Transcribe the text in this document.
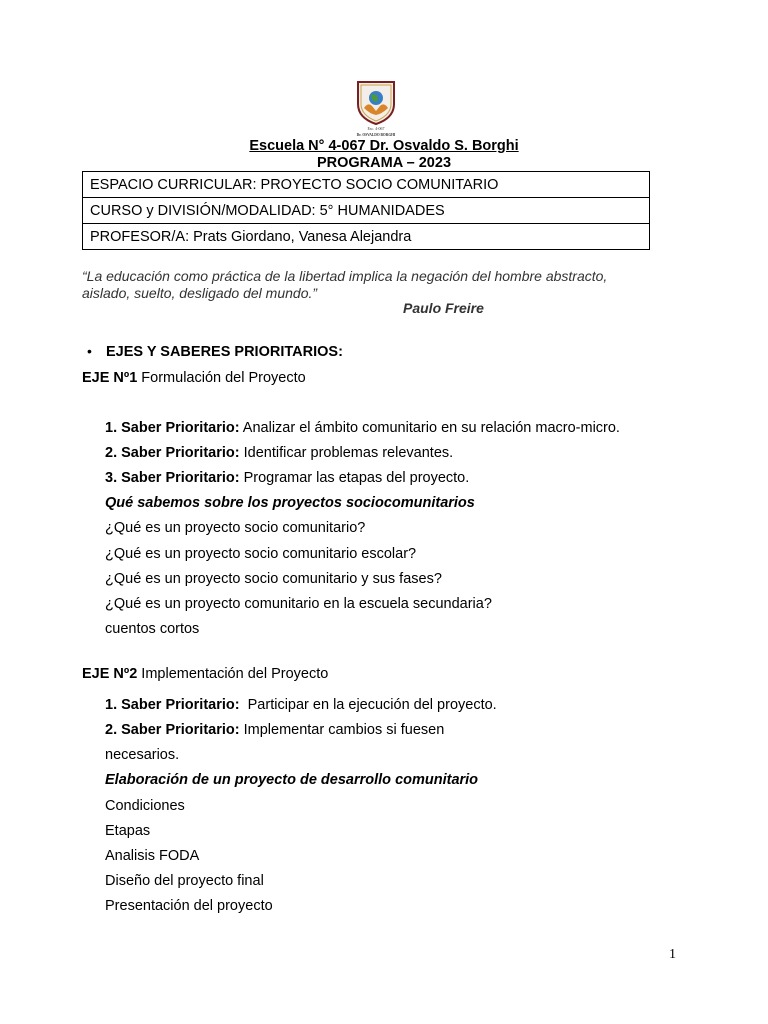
Esc. 4-067
Dr. OSVALDO BORGHI
Escuela N° 4-067 Dr. Osvaldo S. Borghi
PROGRAMA – 2023
ESPACIO CURRICULAR: PROYECTO SOCIO COMUNITARIO
CURSO y DIVISIÓN/MODALIDAD: 5° HUMANIDADES
PROFESOR/A: Prats Giordano, Vanesa Alejandra
“La educación como práctica de la libertad implica la negación del hombre abstracto,
aislado, suelto, desligado del mundo.”
Paulo Freire
• EJES Y SABERES PRIORITARIOS:
EJE Nº1 Formulación del Proyecto
1. Saber Prioritario: Analizar el ámbito comunitario en su relación macro-micro.
2. Saber Prioritario: Identificar problemas relevantes.
3. Saber Prioritario: Programar las etapas del proyecto.
Qué sabemos sobre los proyectos sociocomunitarios
¿Qué es un proyecto socio comunitario?
¿Qué es un proyecto socio comunitario escolar?
¿Qué es un proyecto socio comunitario y sus fases?
¿Qué es un proyecto comunitario en la escuela secundaria?
cuentos cortos
EJE Nº2 Implementación del Proyecto
1. Saber Prioritario:  Participar en la ejecución del proyecto.
2. Saber Prioritario: Implementar cambios si fuesen
necesarios.
Elaboración de un proyecto de desarrollo comunitario
Condiciones
Etapas
Analisis FODA
Diseño del proyecto final
Presentación del proyecto
1
